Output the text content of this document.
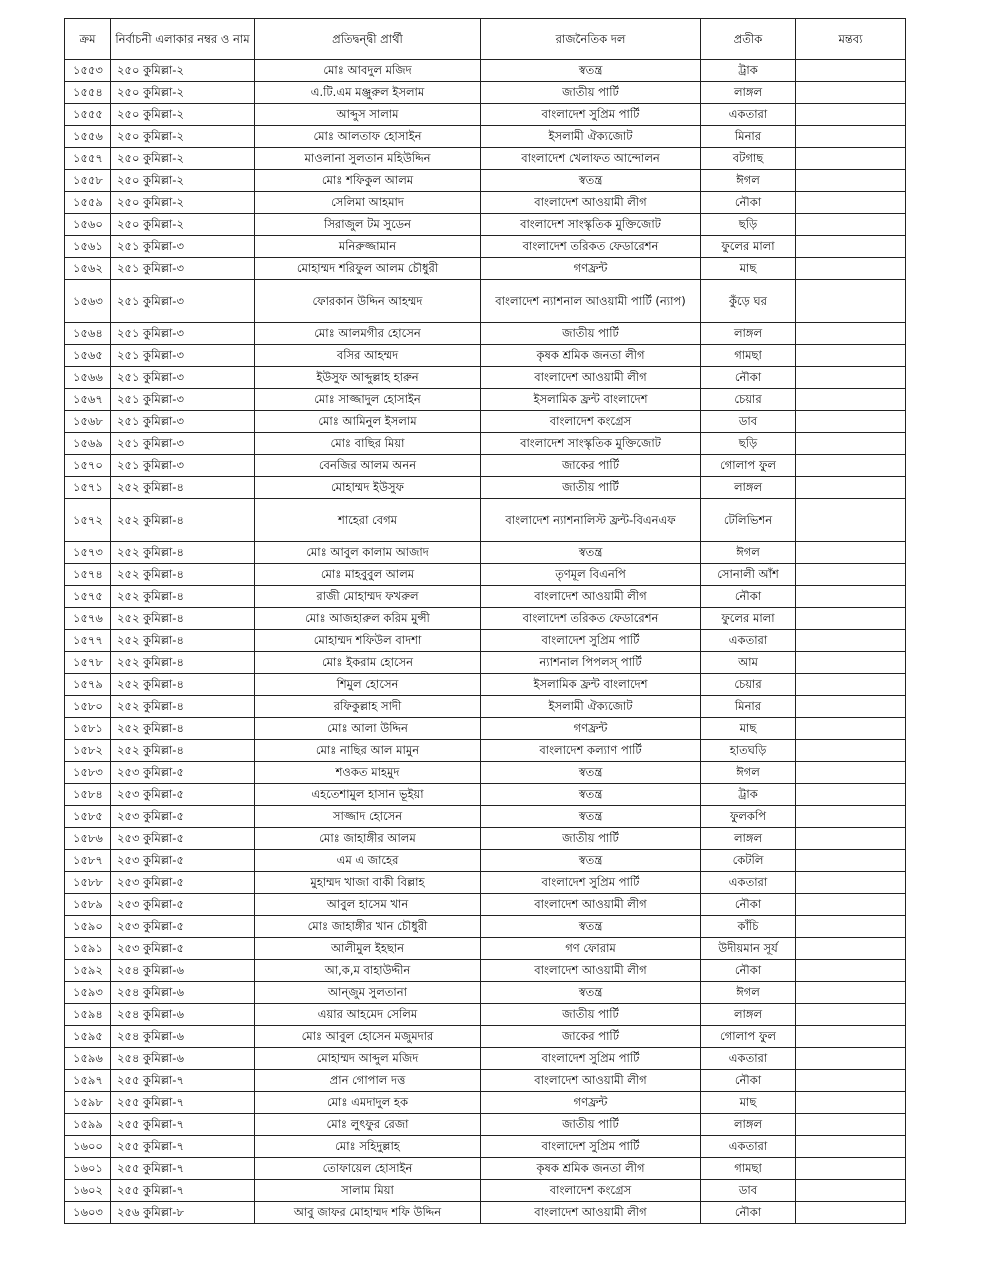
ক্রম	নির্বাচনী এলাকার নম্বর ও নাম	প্রতিদ্বন্দ্বী প্রার্থী	রাজনৈতিক দল	প্রতীক	মন্তব্য
১৫৫৩	২৫০ কুমিল্লা-২	মোঃ আবদুল মজিদ	স্বতন্ত্র	ট্রাক	
১৫৫৪	২৫০ কুমিল্লা-২	এ.টি.এম মঞ্জুরুল ইসলাম	জাতীয় পার্টি	লাঙ্গল	
১৫৫৫	২৫০ কুমিল্লা-২	আব্দুস সালাম	বাংলাদেশ সুপ্রিম পার্টি	একতারা	
১৫৫৬	২৫০ কুমিল্লা-২	মোঃ আলতাফ হোসাইন	ইসলামী ঐক্যজোট	মিনার	
১৫৫৭	২৫০ কুমিল্লা-২	মাওলানা সুলতান মহিউদ্দিন	বাংলাদেশ খেলাফত আন্দোলন	বটগাছ	
১৫৫৮	২৫০ কুমিল্লা-২	মোঃ শফিকুল আলম	স্বতন্ত্র	ঈগল	
১৫৫৯	২৫০ কুমিল্লা-২	সেলিমা আহমাদ	বাংলাদেশ আওয়ামী লীগ	নৌকা	
১৫৬০	২৫০ কুমিল্লা-২	সিরাজুল টম সুডেন	বাংলাদেশ সাংস্কৃতিক মুক্তিজোট	ছড়ি	
১৫৬১	২৫১ কুমিল্লা-৩	মনিরুজ্জামান	বাংলাদেশ তরিকত ফেডারেশন	ফুলের মালা	
১৫৬২	২৫১ কুমিল্লা-৩	মোহাম্মদ শরিফুল আলম চৌধুরী	গণফ্রন্ট	মাছ	
১৫৬৩	২৫১ কুমিল্লা-৩	ফোরকান উদ্দিন আহম্মদ	বাংলাদেশ ন্যাশনাল আওয়ামী পার্টি (ন্যাপ)	কুঁড়ে ঘর	
১৫৬৪	২৫১ কুমিল্লা-৩	মোঃ আলমগীর হোসেন	জাতীয় পার্টি	লাঙ্গল	
১৫৬৫	২৫১ কুমিল্লা-৩	বসির আহম্মদ	কৃষক শ্রমিক জনতা লীগ	গামছা	
১৫৬৬	২৫১ কুমিল্লা-৩	ইউসুফ আব্দুল্লাহ হারুন	বাংলাদেশ আওয়ামী লীগ	নৌকা	
১৫৬৭	২৫১ কুমিল্লা-৩	মোঃ সাজ্জাদুল হোসাইন	ইসলামিক ফ্রন্ট বাংলাদেশ	চেয়ার	
১৫৬৮	২৫১ কুমিল্লা-৩	মোঃ আমিনুল ইসলাম	বাংলাদেশ কংগ্রেস	ডাব	
১৫৬৯	২৫১ কুমিল্লা-৩	মোঃ বাছির মিয়া	বাংলাদেশ সাংস্কৃতিক মুক্তিজোট	ছড়ি	
১৫৭০	২৫১ কুমিল্লা-৩	বেনজির আলম অনন	জাকের পার্টি	গোলাপ ফুল	
১৫৭১	২৫২ কুমিল্লা-৪	মোহাম্মদ ইউসুফ	জাতীয় পার্টি	লাঙ্গল	
১৫৭২	২৫২ কুমিল্লা-৪	শাহেরা বেগম	বাংলাদেশ ন্যাশনালিস্ট ফ্রন্ট-বিএনএফ	টেলিভিশন	
১৫৭৩	২৫২ কুমিল্লা-৪	মোঃ আবুল কালাম আজাদ	স্বতন্ত্র	ঈগল	
১৫৭৪	২৫২ কুমিল্লা-৪	মোঃ মাহবুবুল আলম	তৃণমূল বিএনপি	সোনালী আঁশ	
১৫৭৫	২৫২ কুমিল্লা-৪	রাজী মোহাম্মদ ফখরুল	বাংলাদেশ আওয়ামী লীগ	নৌকা	
১৫৭৬	২৫২ কুমিল্লা-৪	মোঃ আজহারুল করিম মুন্সী	বাংলাদেশ তরিকত ফেডারেশন	ফুলের মালা	
১৫৭৭	২৫২ কুমিল্লা-৪	মোহাম্মদ শফিউল বাদশা	বাংলাদেশ সুপ্রিম পার্টি	একতারা	
১৫৭৮	২৫২ কুমিল্লা-৪	মোঃ ইকরাম হোসেন	ন্যাশনাল পিপলস্ পার্টি	আম	
১৫৭৯	২৫২ কুমিল্লা-৪	শিমুল হোসেন	ইসলামিক ফ্রন্ট বাংলাদেশ	চেয়ার	
১৫৮০	২৫২ কুমিল্লা-৪	রফিকুল্লাহ সাদী	ইসলামী ঐক্যজোট	মিনার	
১৫৮১	২৫২ কুমিল্লা-৪	মোঃ আলা উদ্দিন	গণফ্রন্ট	মাছ	
১৫৮২	২৫২ কুমিল্লা-৪	মোঃ নাছির আল মামুন	বাংলাদেশ কল্যাণ পার্টি	হাতঘড়ি	
১৫৮৩	২৫৩ কুমিল্লা-৫	শওকত মাহমুদ	স্বতন্ত্র	ঈগল	
১৫৮৪	২৫৩ কুমিল্লা-৫	এহতেশামুল হাসান ভূইয়া	স্বতন্ত্র	ট্রাক	
১৫৮৫	২৫৩ কুমিল্লা-৫	সাজ্জাদ হোসেন	স্বতন্ত্র	ফুলকপি	
১৫৮৬	২৫৩ কুমিল্লা-৫	মোঃ জাহাঙ্গীর আলম	জাতীয় পার্টি	লাঙ্গল	
১৫৮৭	২৫৩ কুমিল্লা-৫	এম এ জাহের	স্বতন্ত্র	কেটলি	
১৫৮৮	২৫৩ কুমিল্লা-৫	মুহাম্মদ খাজা বাকী বিল্লাহ	বাংলাদেশ সুপ্রিম পার্টি	একতারা	
১৫৮৯	২৫৩ কুমিল্লা-৫	আবুল হাসেম খান	বাংলাদেশ আওয়ামী লীগ	নৌকা	
১৫৯০	২৫৩ কুমিল্লা-৫	মোঃ জাহাঙ্গীর খান চৌধুরী	স্বতন্ত্র	কাঁচি	
১৫৯১	২৫৩ কুমিল্লা-৫	আলীমুল ইহছান	গণ ফোরাম	উদীয়মান সূর্য	
১৫৯২	২৫৪ কুমিল্লা-৬	আ,ক,ম বাহাউদ্দীন	বাংলাদেশ আওয়ামী লীগ	নৌকা	
১৫৯৩	২৫৪ কুমিল্লা-৬	আন্জুম সুলতানা	স্বতন্ত্র	ঈগল	
১৫৯৪	২৫৪ কুমিল্লা-৬	এয়ার আহমেদ সেলিম	জাতীয় পার্টি	লাঙ্গল	
১৫৯৫	২৫৪ কুমিল্লা-৬	মোঃ আবুল হোসেন মজুমদার	জাকের পার্টি	গোলাপ ফুল	
১৫৯৬	২৫৪ কুমিল্লা-৬	মোহাম্মদ আব্দুল মজিদ	বাংলাদেশ সুপ্রিম পার্টি	একতারা	
১৫৯৭	২৫৫ কুমিল্লা-৭	প্রান গোপাল দত্ত	বাংলাদেশ আওয়ামী লীগ	নৌকা	
১৫৯৮	২৫৫ কুমিল্লা-৭	মোঃ এমদাদুল হক	গণফ্রন্ট	মাছ	
১৫৯৯	২৫৫ কুমিল্লা-৭	মোঃ লুৎফুর রেজা	জাতীয় পার্টি	লাঙ্গল	
১৬০০	২৫৫ কুমিল্লা-৭	মোঃ সহিদুল্লাহ	বাংলাদেশ সুপ্রিম পার্টি	একতারা	
১৬০১	২৫৫ কুমিল্লা-৭	তোফায়েল হোসাইন	কৃষক শ্রমিক জনতা লীগ	গামছা	
১৬০২	২৫৫ কুমিল্লা-৭	সালাম মিয়া	বাংলাদেশ কংগ্রেস	ডাব	
১৬০৩	২৫৬ কুমিল্লা-৮	আবু জাফর মোহাম্মদ শফি উদ্দিন	বাংলাদেশ আওয়ামী লীগ	নৌকা	
